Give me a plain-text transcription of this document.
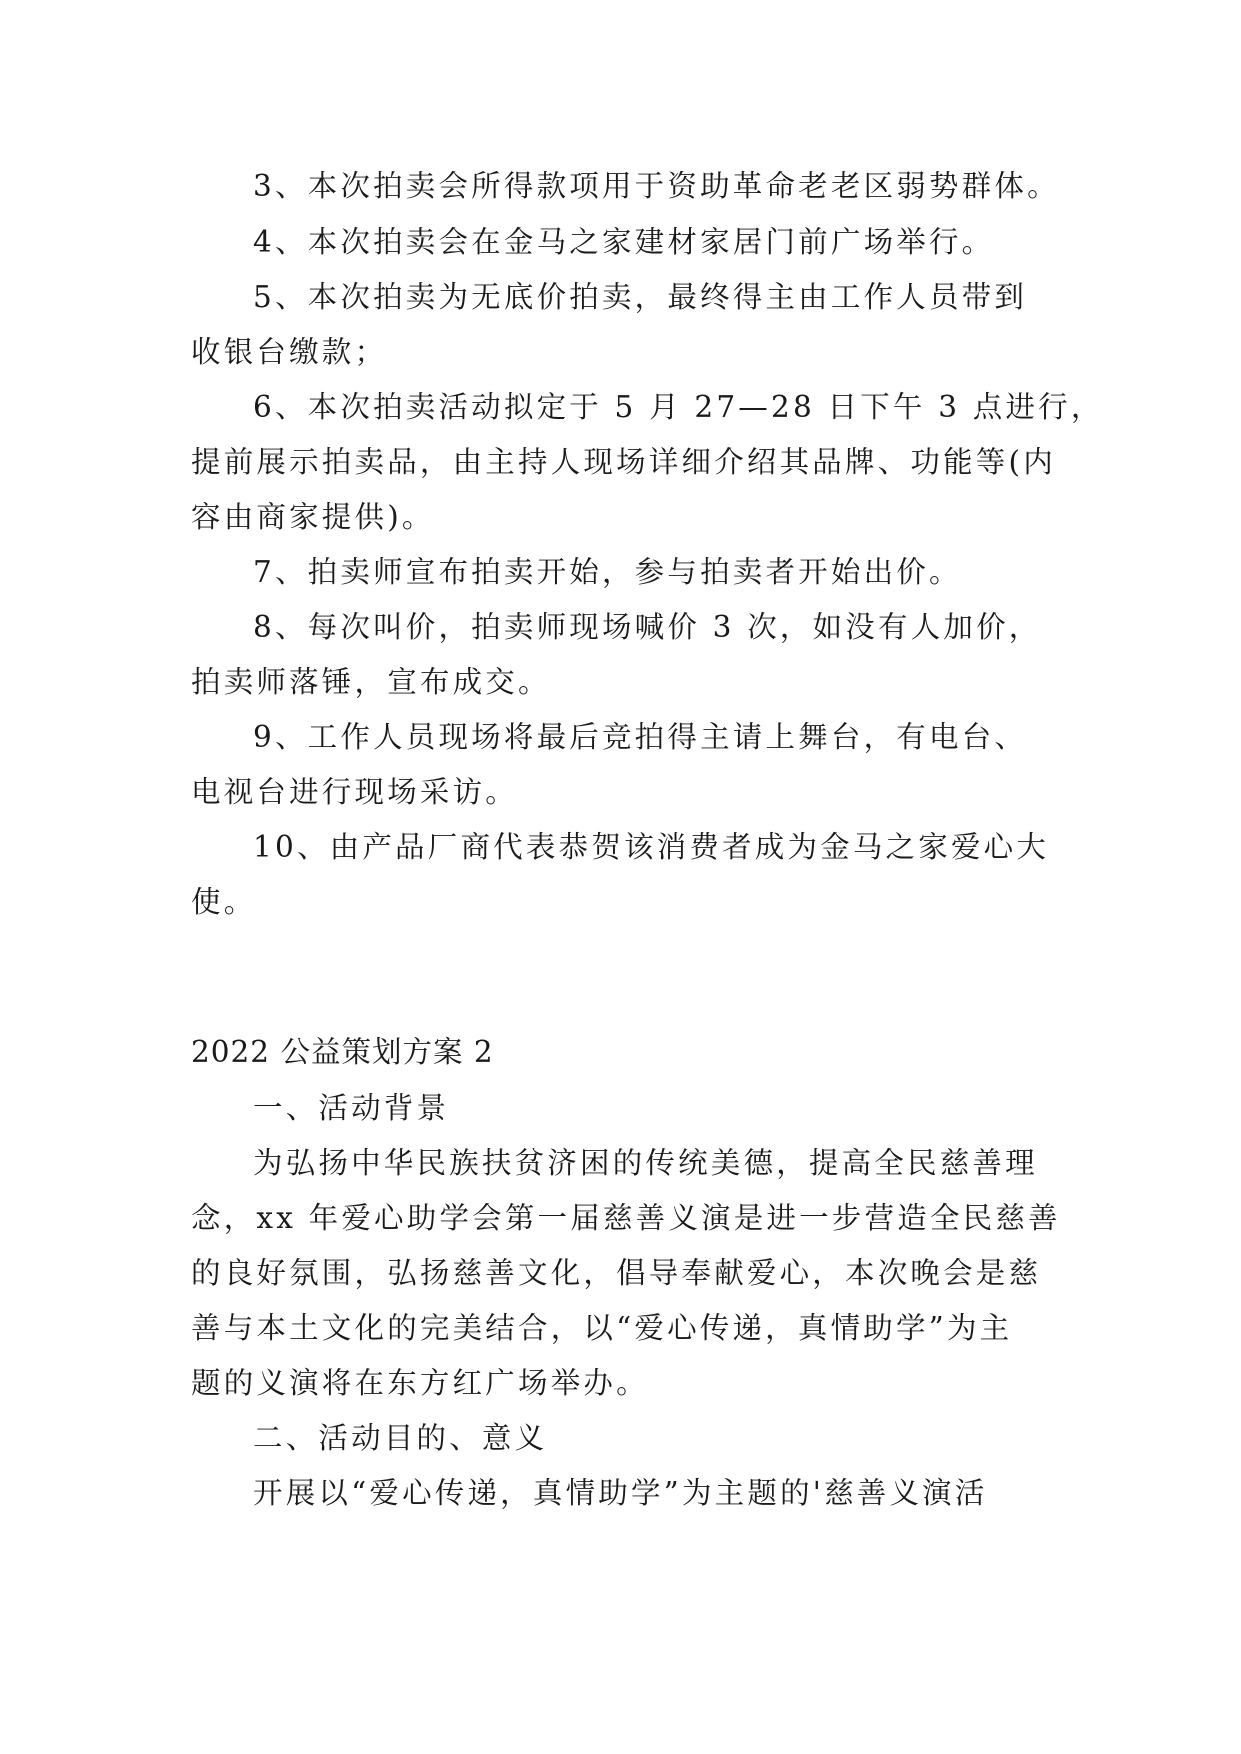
3、本次拍卖会所得款项用于资助革命老老区弱势群体。
4、本次拍卖会在金马之家建材家居门前广场举行。
5、本次拍卖为无底价拍卖，最终得主由工作人员带到
收银台缴款；
6、本次拍卖活动拟定于 5 月 27—28 日下午 3 点进行，
提前展示拍卖品，由主持人现场详细介绍其品牌、功能等(内
容由商家提供)。
7、拍卖师宣布拍卖开始，参与拍卖者开始出价。
8、每次叫价，拍卖师现场喊价 3 次，如没有人加价，
拍卖师落锤，宣布成交。
9、工作人员现场将最后竞拍得主请上舞台，有电台、
电视台进行现场采访。
10、由产品厂商代表恭贺该消费者成为金马之家爱心大
使。
2022 公益策划方案 2
一、活动背景
为弘扬中华民族扶贫济困的传统美德，提高全民慈善理
念，xx 年爱心助学会第一届慈善义演是进一步营造全民慈善
的良好氛围，弘扬慈善文化，倡导奉献爱心，本次晚会是慈
善与本土文化的完美结合，以“爱心传递，真情助学”为主
题的义演将在东方红广场举办。
二、活动目的、意义
开展以“爱心传递，真情助学”为主题的'慈善义演活
